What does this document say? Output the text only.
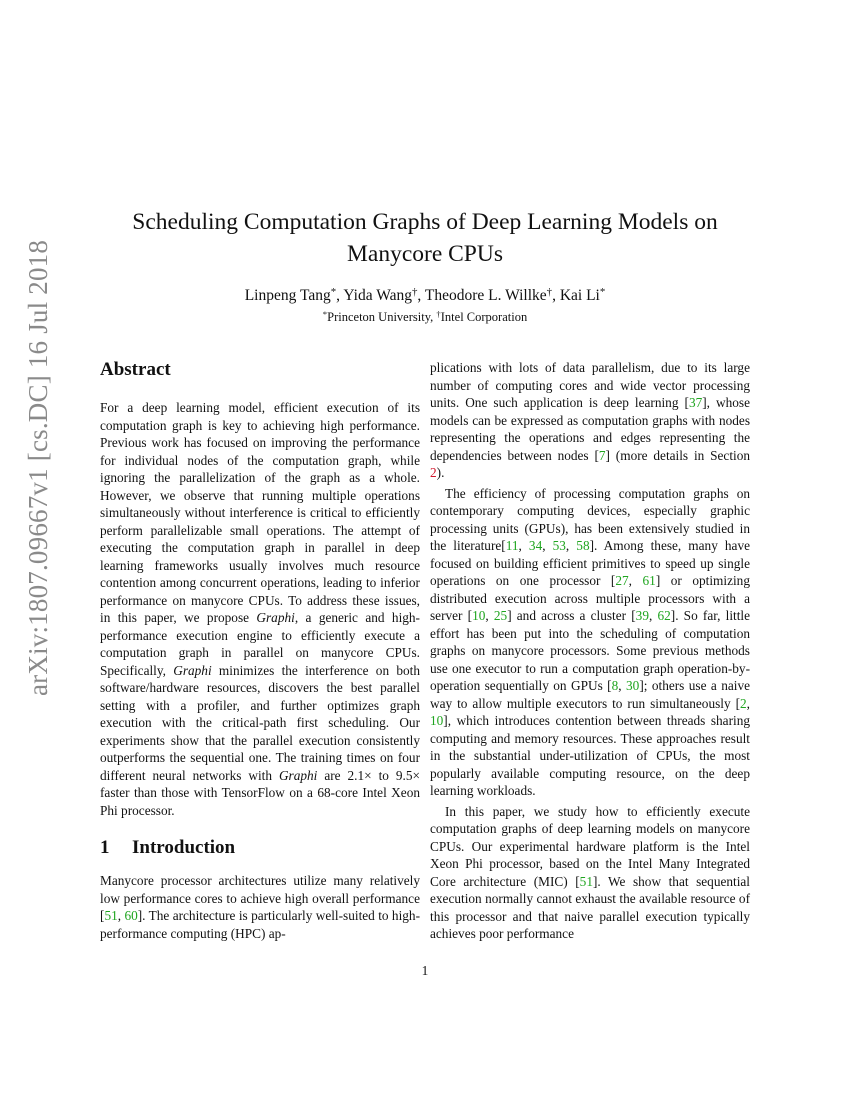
arXiv:1807.09667v1 [cs.DC] 16 Jul 2018
Scheduling Computation Graphs of Deep Learning Models on
Manycore CPUs
Linpeng Tang*, Yida Wang†, Theodore L. Willke†, Kai Li*
*Princeton University, †Intel Corporation
Abstract

For a deep learning model, efficient execution of its computation graph is key to achieving high performance. Previous work has focused on improving the performance for individual nodes of the computation graph, while ignoring the parallelization of the graph as a whole. However, we observe that running multiple operations simultaneously without interference is critical to efficiently perform parallelizable small operations. The attempt of executing the computation graph in parallel in deep learning frameworks usually involves much resource contention among concurrent operations, leading to inferior performance on manycore CPUs. To address these issues, in this paper, we propose Graphi, a generic and high-performance execution engine to efficiently execute a computation graph in parallel on manycore CPUs. Specifically, Graphi minimizes the interference on both software/hardware resources, discovers the best parallel setting with a profiler, and further optimizes graph execution with the critical-path first scheduling. Our experiments show that the parallel execution consistently outperforms the sequential one. The training times on four different neural networks with Graphi are 2.1× to 9.5× faster than those with TensorFlow on a 68-core Intel Xeon Phi processor.

1 Introduction

Manycore processor architectures utilize many relatively low performance cores to achieve high overall performance [51, 60]. The architecture is particularly well-suited to high-performance computing (HPC) ap-

plications with lots of data parallelism, due to its large number of computing cores and wide vector processing units. One such application is deep learning [37], whose models can be expressed as computation graphs with nodes representing the operations and edges representing the dependencies between nodes [7] (more details in Section 2).

The efficiency of processing computation graphs on contemporary computing devices, especially graphic processing units (GPUs), has been extensively studied in the literature[11, 34, 53, 58]. Among these, many have focused on building efficient primitives to speed up single operations on one processor [27, 61] or optimizing distributed execution across multiple processors with a server [10, 25] and across a cluster [39, 62]. So far, little effort has been put into the scheduling of computation graphs on manycore processors. Some previous methods use one executor to run a computation graph operation-by-operation sequentially on GPUs [8, 30]; others use a naive way to allow multiple executors to run simultaneously [2, 10], which introduces contention between threads sharing computing and memory resources. These approaches result in the substantial under-utilization of CPUs, the most popularly available computing resource, on the deep learning workloads.

In this paper, we study how to efficiently execute computation graphs of deep learning models on manycore CPUs. Our experimental hardware platform is the Intel Xeon Phi processor, based on the Intel Many Integrated Core architecture (MIC) [51]. We show that sequential execution normally cannot exhaust the available resource of this processor and that naive parallel execution typically achieves poor performance

1
